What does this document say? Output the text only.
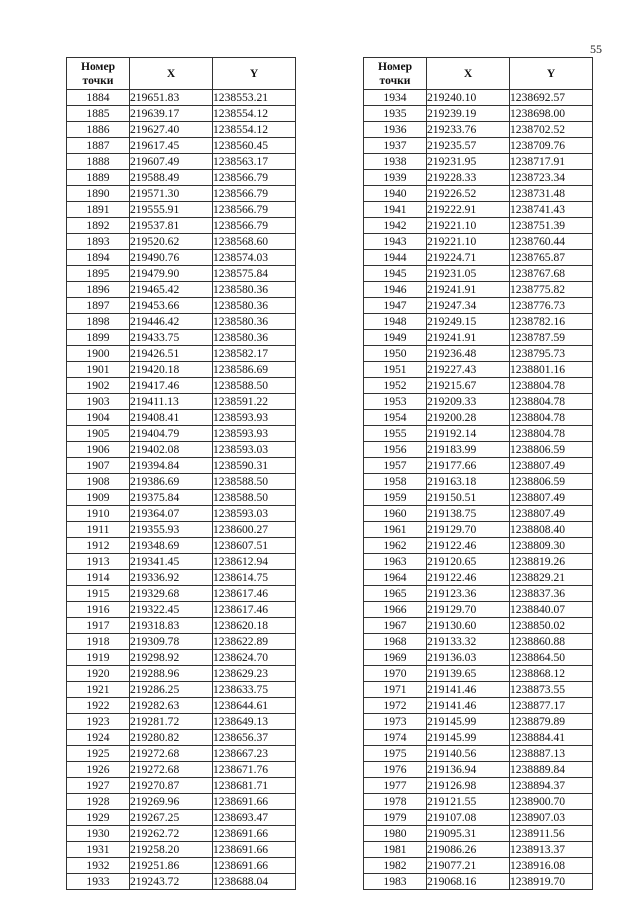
55
Номер
точки	X	Y
1884	219651.83	1238553.21
1885	219639.17	1238554.12
1886	219627.40	1238554.12
1887	219617.45	1238560.45
1888	219607.49	1238563.17
1889	219588.49	1238566.79
1890	219571.30	1238566.79
1891	219555.91	1238566.79
1892	219537.81	1238566.79
1893	219520.62	1238568.60
1894	219490.76	1238574.03
1895	219479.90	1238575.84
1896	219465.42	1238580.36
1897	219453.66	1238580.36
1898	219446.42	1238580.36
1899	219433.75	1238580.36
1900	219426.51	1238582.17
1901	219420.18	1238586.69
1902	219417.46	1238588.50
1903	219411.13	1238591.22
1904	219408.41	1238593.93
1905	219404.79	1238593.93
1906	219402.08	1238593.03
1907	219394.84	1238590.31
1908	219386.69	1238588.50
1909	219375.84	1238588.50
1910	219364.07	1238593.03
1911	219355.93	1238600.27
1912	219348.69	1238607.51
1913	219341.45	1238612.94
1914	219336.92	1238614.75
1915	219329.68	1238617.46
1916	219322.45	1238617.46
1917	219318.83	1238620.18
1918	219309.78	1238622.89
1919	219298.92	1238624.70
1920	219288.96	1238629.23
1921	219286.25	1238633.75
1922	219282.63	1238644.61
1923	219281.72	1238649.13
1924	219280.82	1238656.37
1925	219272.68	1238667.23
1926	219272.68	1238671.76
1927	219270.87	1238681.71
1928	219269.96	1238691.66
1929	219267.25	1238693.47
1930	219262.72	1238691.66
1931	219258.20	1238691.66
1932	219251.86	1238691.66
1933	219243.72	1238688.04
Номер
точки	X	Y
1934	219240.10	1238692.57
1935	219239.19	1238698.00
1936	219233.76	1238702.52
1937	219235.57	1238709.76
1938	219231.95	1238717.91
1939	219228.33	1238723.34
1940	219226.52	1238731.48
1941	219222.91	1238741.43
1942	219221.10	1238751.39
1943	219221.10	1238760.44
1944	219224.71	1238765.87
1945	219231.05	1238767.68
1946	219241.91	1238775.82
1947	219247.34	1238776.73
1948	219249.15	1238782.16
1949	219241.91	1238787.59
1950	219236.48	1238795.73
1951	219227.43	1238801.16
1952	219215.67	1238804.78
1953	219209.33	1238804.78
1954	219200.28	1238804.78
1955	219192.14	1238804.78
1956	219183.99	1238806.59
1957	219177.66	1238807.49
1958	219163.18	1238806.59
1959	219150.51	1238807.49
1960	219138.75	1238807.49
1961	219129.70	1238808.40
1962	219122.46	1238809.30
1963	219120.65	1238819.26
1964	219122.46	1238829.21
1965	219123.36	1238837.36
1966	219129.70	1238840.07
1967	219130.60	1238850.02
1968	219133.32	1238860.88
1969	219136.03	1238864.50
1970	219139.65	1238868.12
1971	219141.46	1238873.55
1972	219141.46	1238877.17
1973	219145.99	1238879.89
1974	219145.99	1238884.41
1975	219140.56	1238887.13
1976	219136.94	1238889.84
1977	219126.98	1238894.37
1978	219121.55	1238900.70
1979	219107.08	1238907.03
1980	219095.31	1238911.56
1981	219086.26	1238913.37
1982	219077.21	1238916.08
1983	219068.16	1238919.70
